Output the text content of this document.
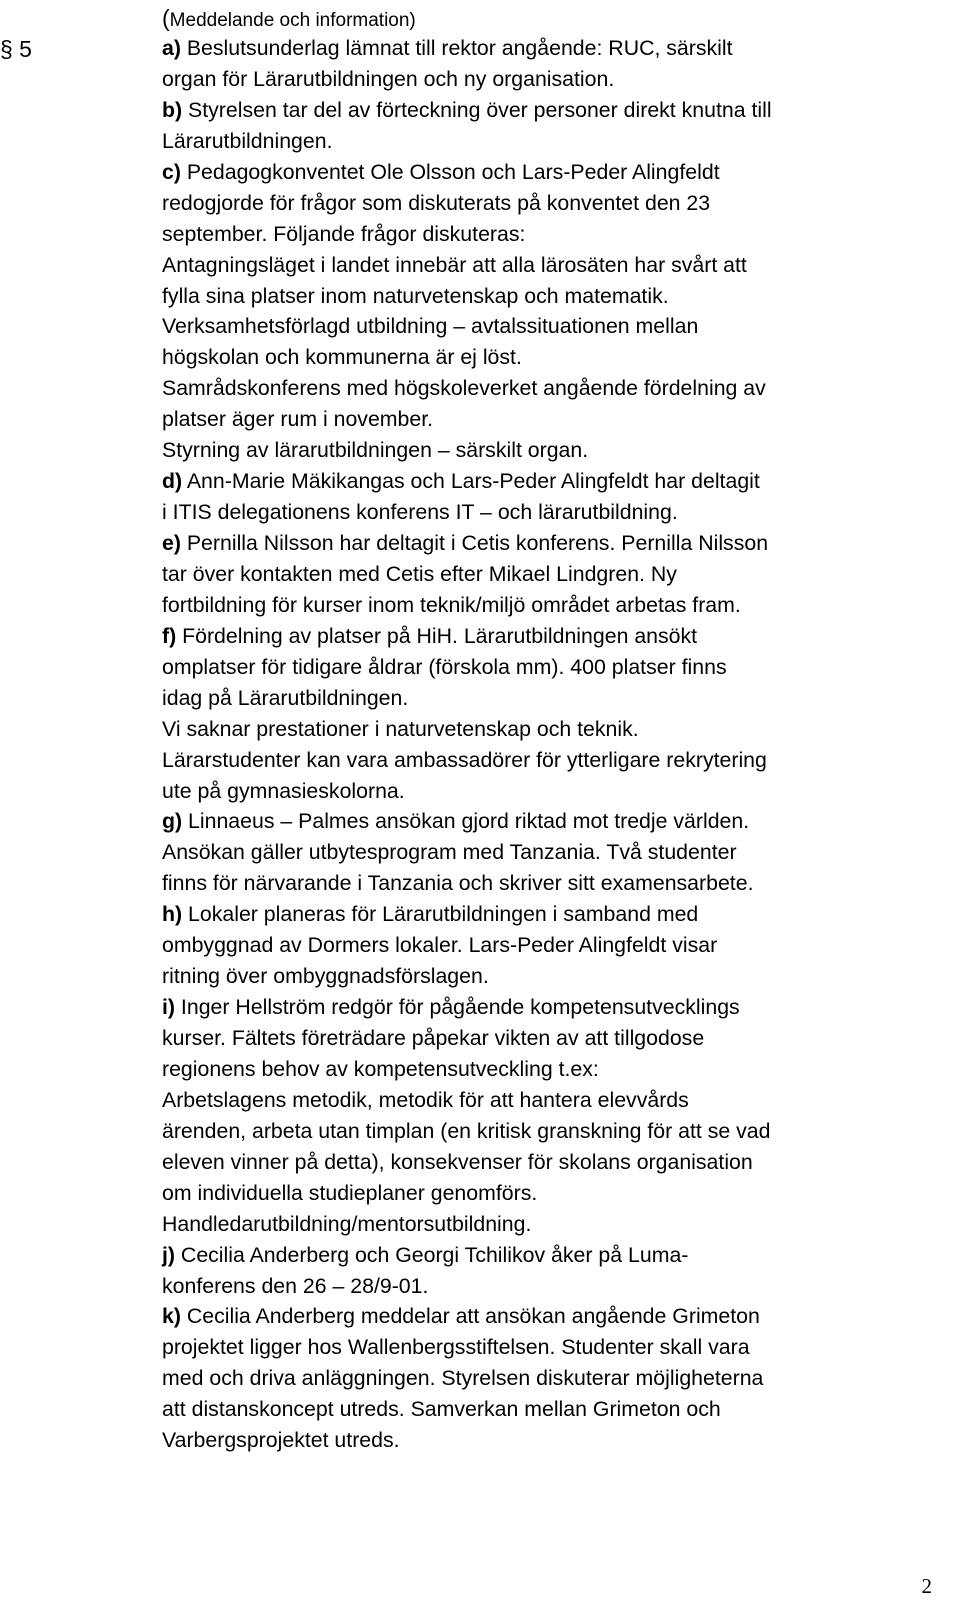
(Meddelande och information)
§ 5	a) Beslutsunderlag lämnat till rektor angående: RUC, särskilt
organ för Lärarutbildningen och ny organisation.
b) Styrelsen tar del av förteckning över personer direkt knutna till
Lärarutbildningen.
c) Pedagogkonventet Ole Olsson och Lars-Peder Alingfeldt
redogjorde för frågor som diskuterats på konventet den 23
september. Följande frågor diskuteras:
Antagningsläget i landet innebär att alla lärosäten har svårt att
fylla sina platser inom naturvetenskap och matematik.
Verksamhetsförlagd utbildning – avtalssituationen mellan
högskolan och kommunerna är ej löst.
Samrådskonferens med högskoleverket angående fördelning av
platser äger rum i november.
Styrning av lärarutbildningen – särskilt organ.
d) Ann-Marie Mäkikangas och Lars-Peder Alingfeldt har deltagit
i ITIS delegationens konferens IT – och lärarutbildning.
e) Pernilla Nilsson har deltagit i Cetis konferens. Pernilla Nilsson
tar över kontakten med Cetis efter Mikael Lindgren. Ny
fortbildning för kurser inom teknik/miljö området arbetas fram.
f) Fördelning av platser på HiH. Lärarutbildningen ansökt
omplatser för tidigare åldrar (förskola mm). 400 platser finns
idag på Lärarutbildningen.
Vi saknar prestationer i naturvetenskap och teknik.
Lärarstudenter kan vara ambassadörer för ytterligare rekrytering
ute på gymnasieskolorna.
g) Linnaeus – Palmes ansökan gjord riktad mot tredje världen.
Ansökan gäller utbytesprogram med Tanzania. Två studenter
finns för närvarande i Tanzania och skriver sitt examensarbete.
h) Lokaler planeras för Lärarutbildningen i samband med
ombyggnad av Dormers lokaler. Lars-Peder Alingfeldt visar
ritning över ombyggnadsförslagen.
i) Inger Hellström redgör för pågående kompetensutvecklings
kurser. Fältets företrädare påpekar vikten av att tillgodose
regionens behov av kompetensutveckling t.ex:
Arbetslagens metodik, metodik för att hantera elevvårds
ärenden, arbeta utan timplan (en kritisk granskning för att se vad
eleven vinner på detta), konsekvenser för skolans organisation
om individuella studieplaner genomförs.
Handledarutbildning/mentorsutbildning.
j) Cecilia Anderberg och Georgi Tchilikov åker på Luma-
konferens den 26 – 28/9-01.
k) Cecilia Anderberg meddelar att ansökan angående Grimeton
projektet ligger hos Wallenbergsstiftelsen. Studenter skall vara
med och driva anläggningen. Styrelsen diskuterar möjligheterna
att distanskoncept utreds. Samverkan mellan Grimeton och
Varbergsprojektet utreds.
2
